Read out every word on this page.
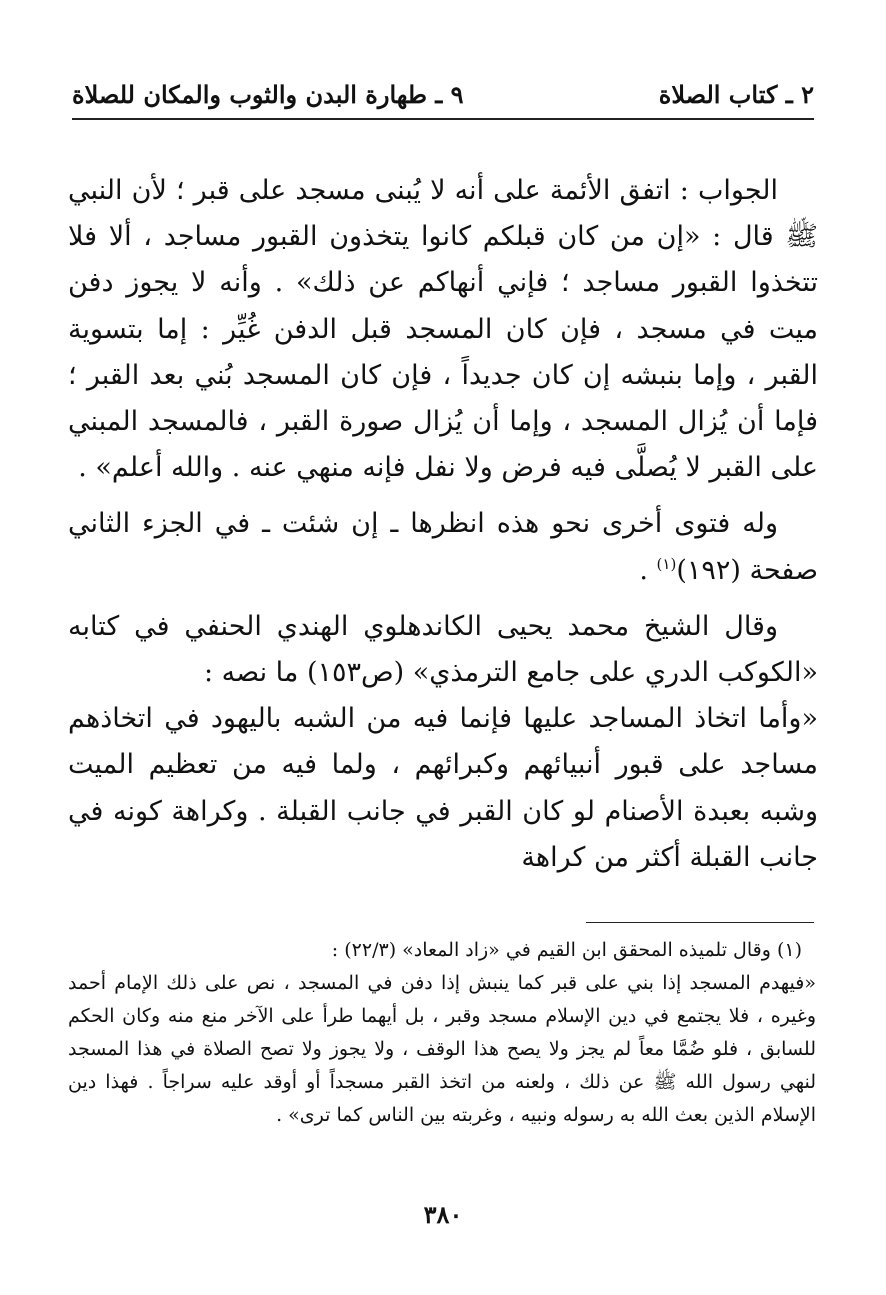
٢ ـ كتاب الصلاة
٩ ـ طهارة البدن والثوب والمكان للصلاة

الجواب : اتفق الأئمة على أنه لا يُبنى مسجد على قبر ؛ لأن النبي ﷺ قال : «إن من كان قبلكم كانوا يتخذون القبور مساجد ، ألا فلا تتخذوا القبور مساجد ؛ فإني أنهاكم عن ذلك» . وأنه لا يجوز دفن ميت في مسجد ، فإن كان المسجد قبل الدفن غُيِّر : إما بتسوية القبر ، وإما بنبشه إن كان جديداً ، فإن كان المسجد بُني بعد القبر ؛ فإما أن يُزال المسجد ، وإما أن يُزال صورة القبر ، فالمسجد المبني على القبر لا يُصلَّى فيه فرض ولا نفل فإنه منهي عنه . والله أعلم» .

وله فتوى أخرى نحو هذه انظرها ـ إن شئت ـ في الجزء الثاني صفحة (١٩٢)$^{(١)}$ .

وقال الشيخ محمد يحيى الكاندهلوي الهندي الحنفي في كتابه «الكوكب الدري على جامع الترمذي» (ص١٥٣) ما نصه :

«وأما اتخاذ المساجد عليها فإنما فيه من الشبه باليهود في اتخاذهم مساجد على قبور أنبيائهم وكبرائهم ، ولما فيه من تعظيم الميت وشبه بعبدة الأصنام لو كان القبر في جانب القبلة . وكراهة كونه في جانب القبلة أكثر من كراهة

(١) وقال تلميذه المحقق ابن القيم في «زاد المعاد» (٢٢/٣) :

«فيهدم المسجد إذا بني على قبر كما ينبش إذا دفن في المسجد ، نص على ذلك الإمام أحمد وغيره ، فلا يجتمع في دين الإسلام مسجد وقبر ، بل أيهما طرأ على الآخر منع منه وكان الحكم للسابق ، فلو ضُمَّا معاً لم يجز ولا يصح هذا الوقف ، ولا يجوز ولا تصح الصلاة في هذا المسجد لنهي رسول الله ﷺ عن ذلك ، ولعنه من اتخذ القبر مسجداً أو أوقد عليه سراجاً . فهذا دين الإسلام الذين بعث الله به رسوله ونبيه ، وغربته بين الناس كما ترى» .

٣٨٠
